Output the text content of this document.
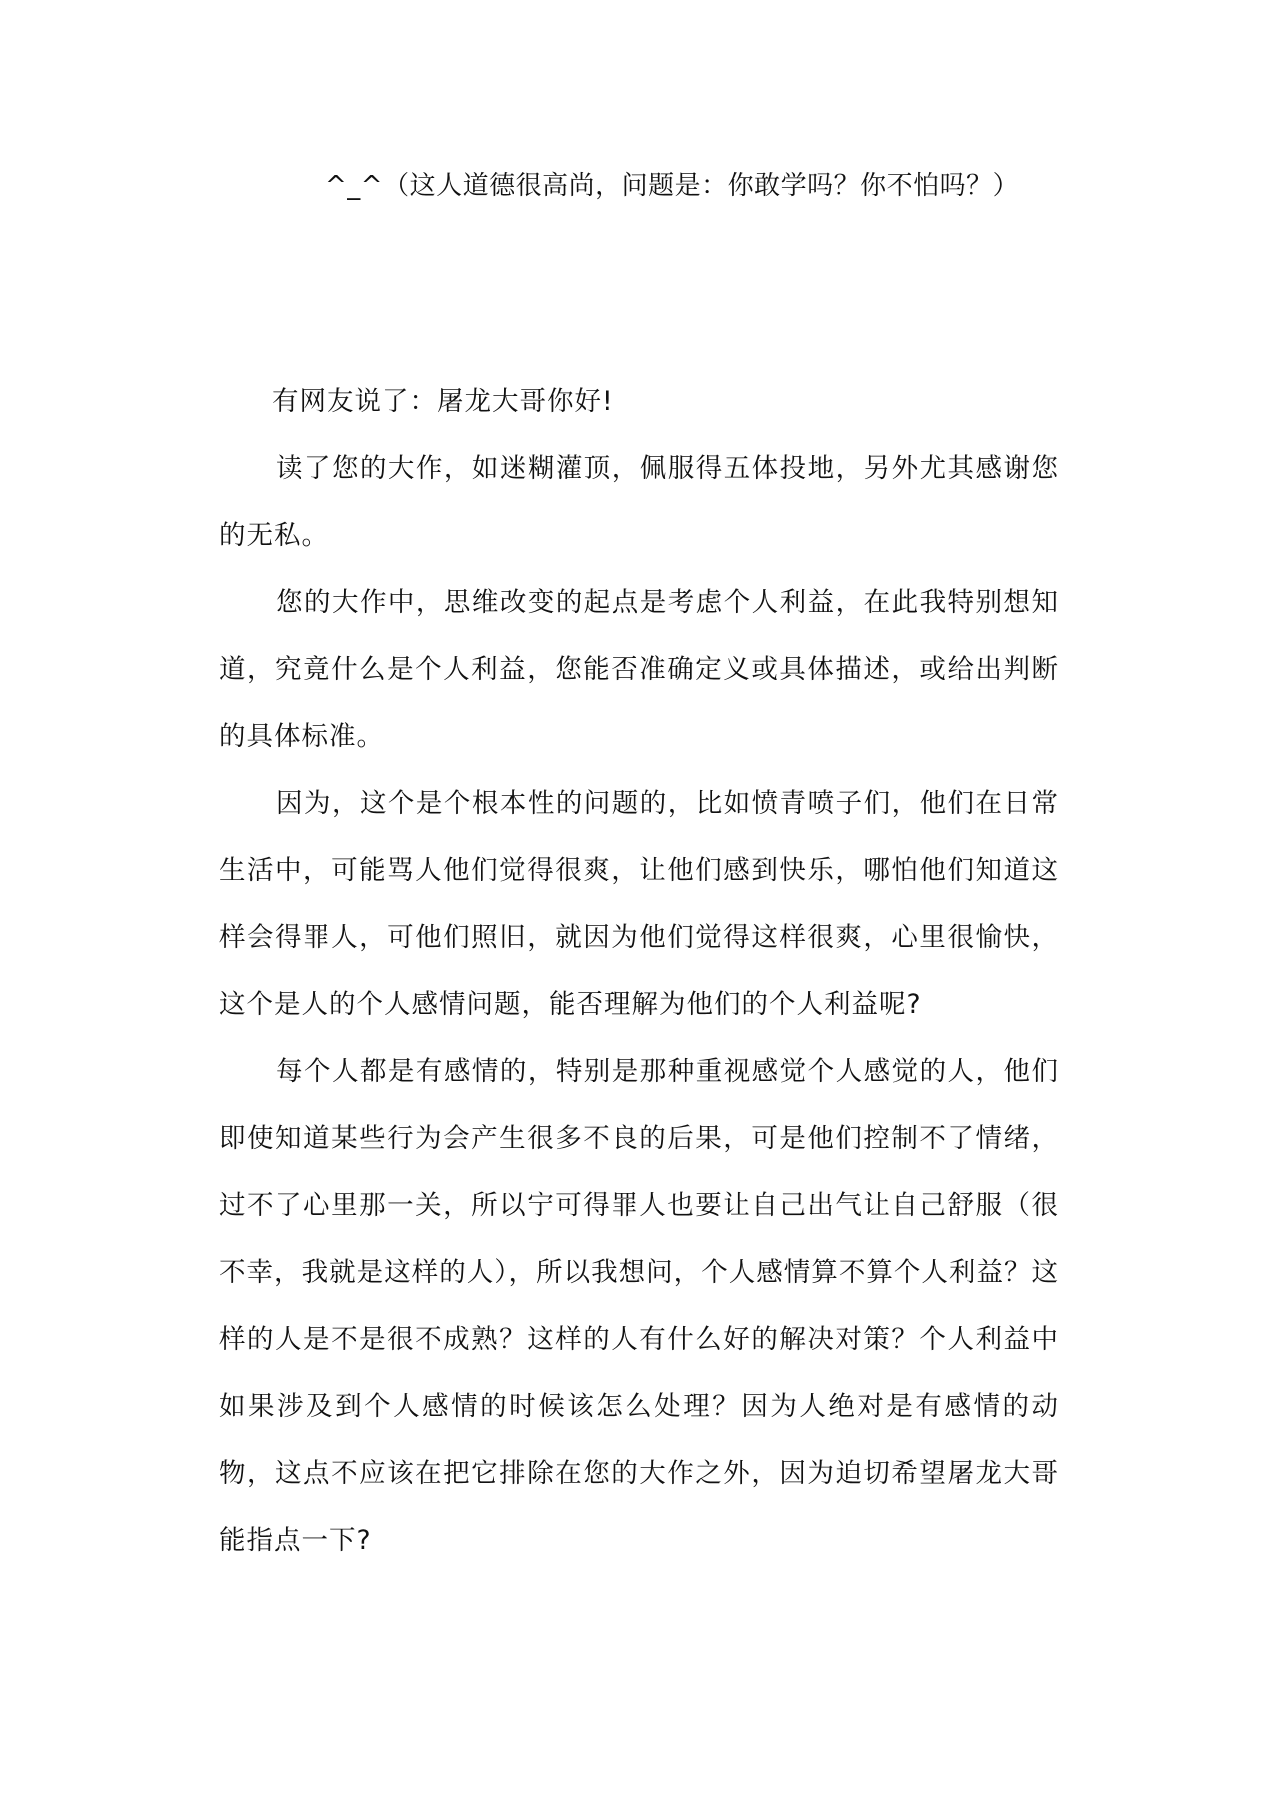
^_^（这人道德很高尚，问题是：你敢学吗？你不怕吗？）

有网友说了：屠龙大哥你好!

读了您的大作，如迷糊灌顶，佩服得五体投地，另外尤其感谢您的无私。

您的大作中，思维改变的起点是考虑个人利益，在此我特别想知道，究竟什么是个人利益，您能否准确定义或具体描述，或给出判断的具体标准。

因为，这个是个根本性的问题的，比如愤青喷子们，他们在日常生活中，可能骂人他们觉得很爽，让他们感到快乐，哪怕他们知道这样会得罪人，可他们照旧，就因为他们觉得这样很爽，心里很愉快，这个是人的个人感情问题，能否理解为他们的个人利益呢?

每个人都是有感情的，特别是那种重视感觉个人感觉的人，他们即使知道某些行为会产生很多不良的后果，可是他们控制不了情绪，过不了心里那一关，所以宁可得罪人也要让自己出气让自己舒服（很不幸，我就是这样的人），所以我想问，个人感情算不算个人利益？这样的人是不是很不成熟？这样的人有什么好的解决对策？个人利益中如果涉及到个人感情的时候该怎么处理？因为人绝对是有感情的动物，这点不应该在把它排除在您的大作之外，因为迫切希望屠龙大哥能指点一下?
